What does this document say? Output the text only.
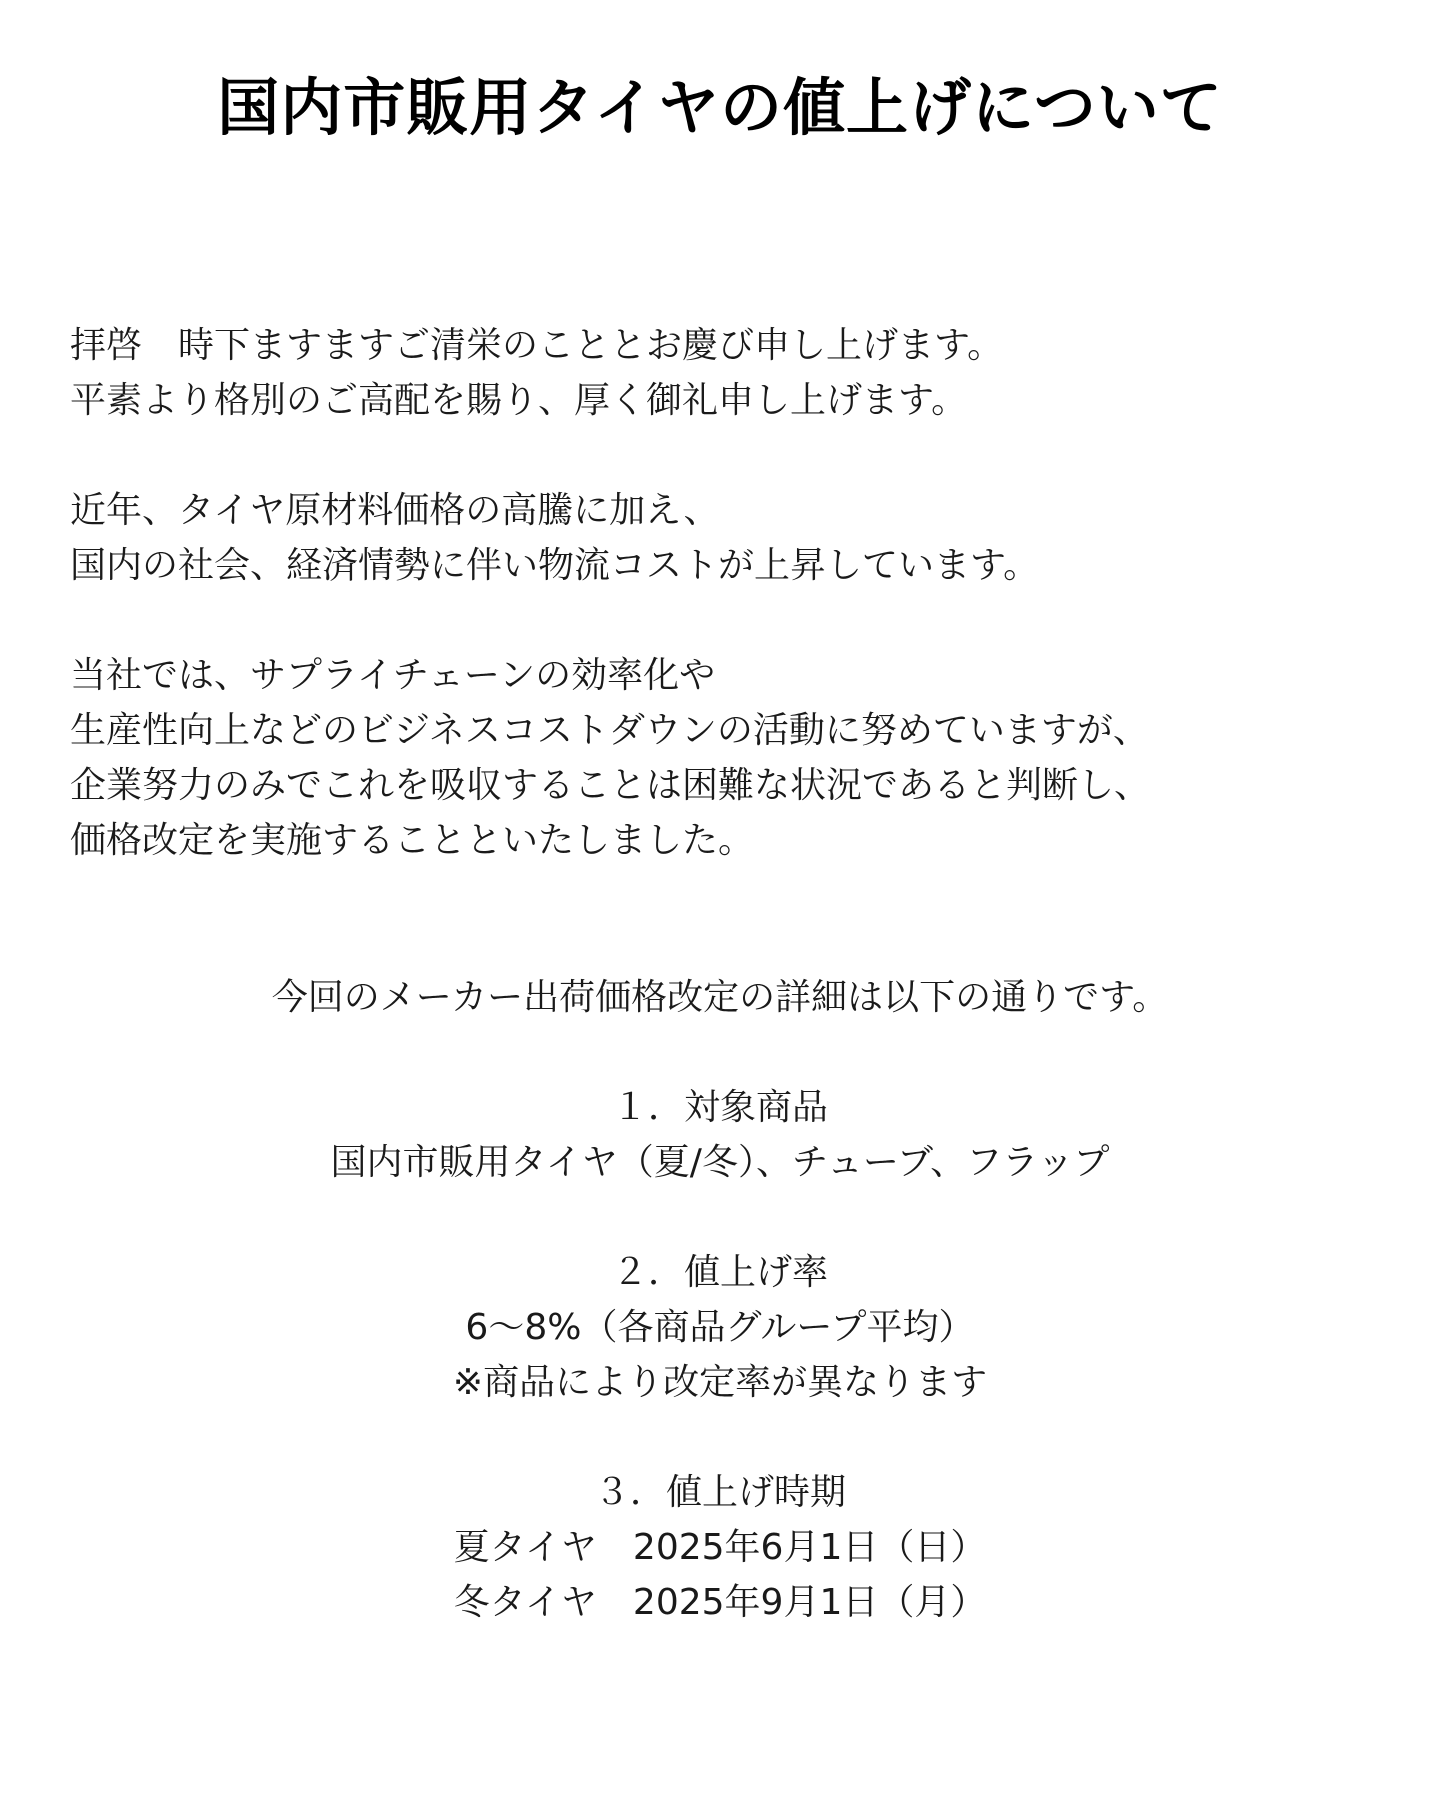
国内市販用タイヤの値上げについて
拝啓　時下ますますご清栄のこととお慶び申し上げます。
平素より格別のご高配を賜り、厚く御礼申し上げます。
近年、タイヤ原材料価格の高騰に加え、
国内の社会、経済情勢に伴い物流コストが上昇しています。
当社では、サプライチェーンの効率化や
生産性向上などのビジネスコストダウンの活動に努めていますが、
企業努力のみでこれを吸収することは困難な状況であると判断し、
価格改定を実施することといたしました。
今回のメーカー出荷価格改定の詳細は以下の通りです。
１．対象商品
国内市販用タイヤ（夏/冬）、チューブ、フラップ
２．値上げ率
6～8%（各商品グループ平均）
※商品により改定率が異なります
３．値上げ時期
夏タイヤ　2025年6月1日（日）
冬タイヤ　2025年9月1日（月）
